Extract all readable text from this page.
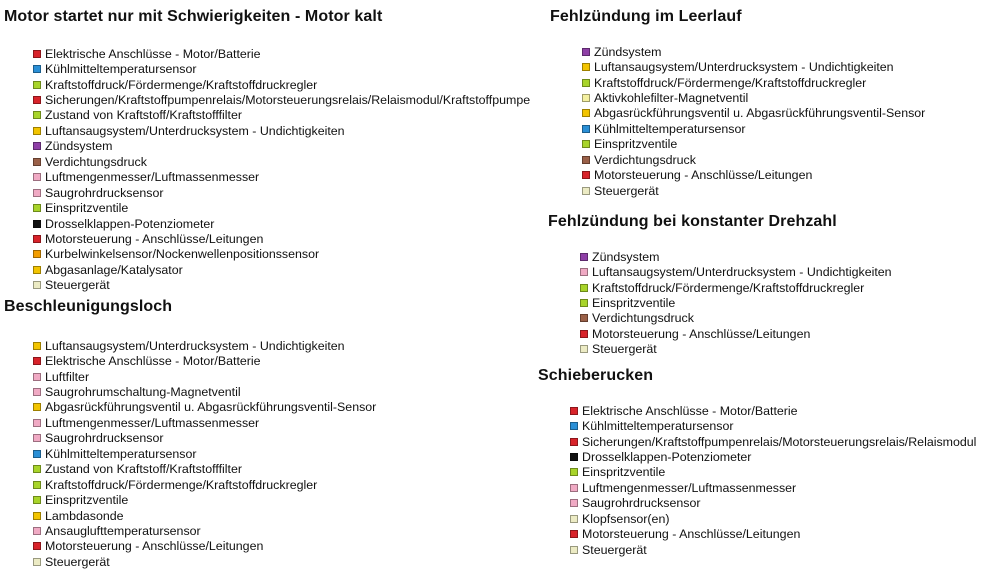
Motor startet nur mit Schwierigkeiten - Motor kalt
Elektrische Anschlüsse - Motor/Batterie
Kühlmitteltemperatursensor
Kraftstoffdruck/Fördermenge/Kraftstoffdruckregler
Sicherungen/Kraftstoffpumpenrelais/Motorsteuerungsrelais/Relaismodul/Kraftstoffpumpe
Zustand von Kraftstoff/Kraftstofffilter
Luftansaugsystem/Unterdrucksystem - Undichtigkeiten
Zündsystem
Verdichtungsdruck
Luftmengenmesser/Luftmassenmesser
Saugrohrdrucksensor
Einspritzventile
Drosselklappen-Potenziometer
Motorsteuerung - Anschlüsse/Leitungen
Kurbelwinkelsensor/Nockenwellenpositionssensor
Abgasanlage/Katalysator
Steuergerät
Beschleunigungsloch
Luftansaugsystem/Unterdrucksystem - Undichtigkeiten
Elektrische Anschlüsse - Motor/Batterie
Luftfilter
Saugrohrumschaltung-Magnetventil
Abgasrückführungsventil u. Abgasrückführungsventil-Sensor
Luftmengenmesser/Luftmassenmesser
Saugrohrdrucksensor
Kühlmitteltemperatursensor
Zustand von Kraftstoff/Kraftstofffilter
Kraftstoffdruck/Fördermenge/Kraftstoffdruckregler
Einspritzventile
Lambdasonde
Ansauglufttemperatursensor
Motorsteuerung - Anschlüsse/Leitungen
Steuergerät
Fehlzündung im Leerlauf
Zündsystem
Luftansaugsystem/Unterdrucksystem - Undichtigkeiten
Kraftstoffdruck/Fördermenge/Kraftstoffdruckregler
Aktivkohlefilter-Magnetventil
Abgasrückführungsventil u. Abgasrückführungsventil-Sensor
Kühlmitteltemperatursensor
Einspritzventile
Verdichtungsdruck
Motorsteuerung - Anschlüsse/Leitungen
Steuergerät
Fehlzündung bei konstanter Drehzahl
Zündsystem
Luftansaugsystem/Unterdrucksystem - Undichtigkeiten
Kraftstoffdruck/Fördermenge/Kraftstoffdruckregler
Einspritzventile
Verdichtungsdruck
Motorsteuerung - Anschlüsse/Leitungen
Steuergerät
Schieberucken
Elektrische Anschlüsse - Motor/Batterie
Kühlmitteltemperatursensor
Sicherungen/Kraftstoffpumpenrelais/Motorsteuerungsrelais/Relaismodul
Drosselklappen-Potenziometer
Einspritzventile
Luftmengenmesser/Luftmassenmesser
Saugrohrdrucksensor
Klopfsensor(en)
Motorsteuerung - Anschlüsse/Leitungen
Steuergerät
